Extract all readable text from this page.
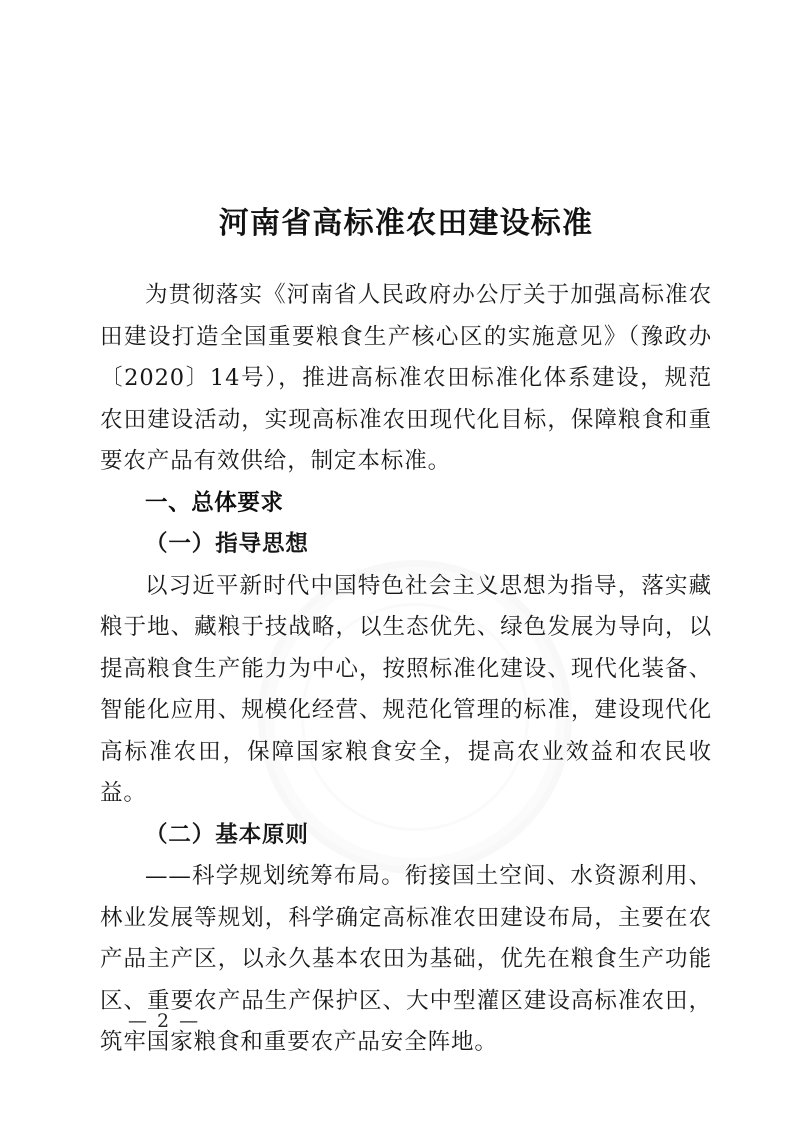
河南省高标准农田建设标准

为贯彻落实《河南省人民政府办公厅关于加强高标准农田建设打造全国重要粮食生产核心区的实施意见》（豫政办〔2020〕14号），推进高标准农田标准化体系建设，规范农田建设活动，实现高标准农田现代化目标，保障粮食和重要农产品有效供给，制定本标准。

一、总体要求
（一）指导思想

以习近平新时代中国特色社会主义思想为指导，落实藏粮于地、藏粮于技战略，以生态优先、绿色发展为导向，以提高粮食生产能力为中心，按照标准化建设、现代化装备、智能化应用、规模化经营、规范化管理的标准，建设现代化高标准农田，保障国家粮食安全，提高农业效益和农民收益。

（二）基本原则

——科学规划统筹布局。衔接国土空间、水资源利用、林业发展等规划，科学确定高标准农田建设布局，主要在农产品主产区，以永久基本农田为基础，优先在粮食生产功能区、重要农产品生产保护区、大中型灌区建设高标准农田，筑牢国家粮食和重要农产品安全阵地。

— 2 —
